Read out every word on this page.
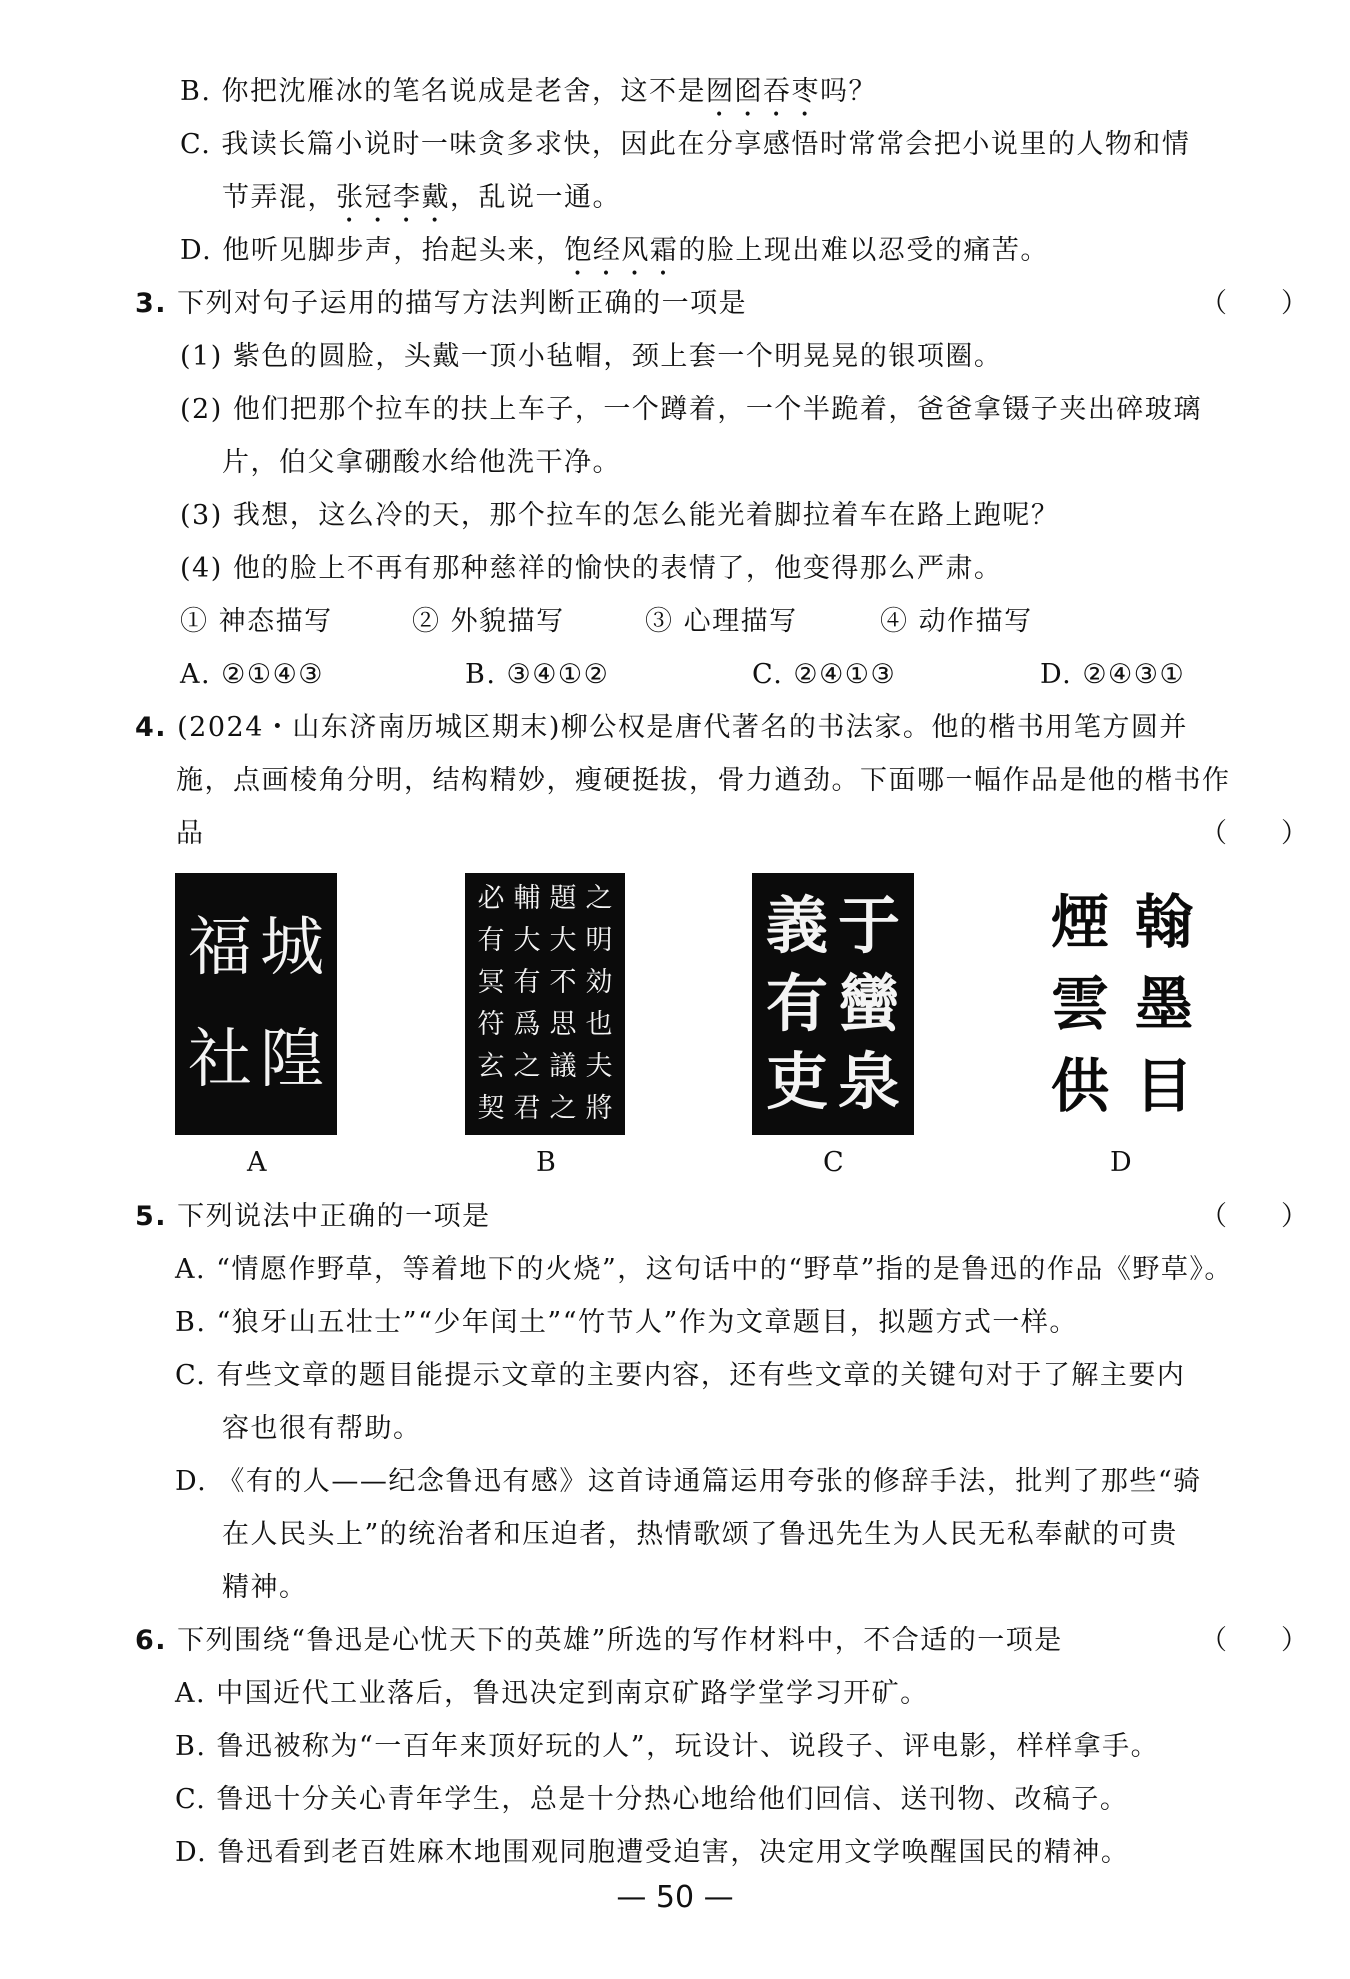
B. 你把沈雁冰的笔名说成是老舍，这不是囫囵吞枣吗？
C. 我读长篇小说时一味贪多求快，因此在分享感悟时常常会把小说里的人物和情
节弄混，张冠李戴，乱说一通。
D. 他听见脚步声，抬起头来，饱经风霜的脸上现出难以忍受的痛苦。
3. 下列对句子运用的描写方法判断正确的一项是	（　　）
(1) 紫色的圆脸，头戴一顶小毡帽，颈上套一个明晃晃的银项圈。
(2) 他们把那个拉车的扶上车子，一个蹲着，一个半跪着，爸爸拿镊子夹出碎玻璃
片，伯父拿硼酸水给他洗干净。
(3) 我想，这么冷的天，那个拉车的怎么能光着脚拉着车在路上跑呢？
(4) 他的脸上不再有那种慈祥的愉快的表情了，他变得那么严肃。
① 神态描写	② 外貌描写	③ 心理描写	④ 动作描写
A. ②①④③	B. ③④①②	C. ②④①③	D. ②④③①
4. (2024・山东济南历城区期末)柳公权是唐代著名的书法家。他的楷书用笔方圆并
施，点画棱角分明，结构精妙，瘦硬挺拔，骨力遒劲。下面哪一幅作品是他的楷书作
品	（　　）
福 城
社 隍
必 輔 題 之
有 大 大 明
冥 有 不 効
符 爲 思 也
玄 之 議 夫
契 君 之 將
義 于
有 蠻
吏 泉
煙 翰
雲 墨
供 目
A	B	C	D
5. 下列说法中正确的一项是	（　　）
A. “情愿作野草，等着地下的火烧”，这句话中的“野草”指的是鲁迅的作品《野草》。
B. “狼牙山五壮士”“少年闰土”“竹节人”作为文章题目，拟题方式一样。
C. 有些文章的题目能提示文章的主要内容，还有些文章的关键句对于了解主要内
容也很有帮助。
D. 《有的人——纪念鲁迅有感》这首诗通篇运用夸张的修辞手法，批判了那些“骑
在人民头上”的统治者和压迫者，热情歌颂了鲁迅先生为人民无私奉献的可贵
精神。
6. 下列围绕“鲁迅是心忧天下的英雄”所选的写作材料中，不合适的一项是	（　　）
A. 中国近代工业落后，鲁迅决定到南京矿路学堂学习开矿。
B. 鲁迅被称为“一百年来顶好玩的人”，玩设计、说段子、评电影，样样拿手。
C. 鲁迅十分关心青年学生，总是十分热心地给他们回信、送刊物、改稿子。
D. 鲁迅看到老百姓麻木地围观同胞遭受迫害，决定用文学唤醒国民的精神。
— 50 —
